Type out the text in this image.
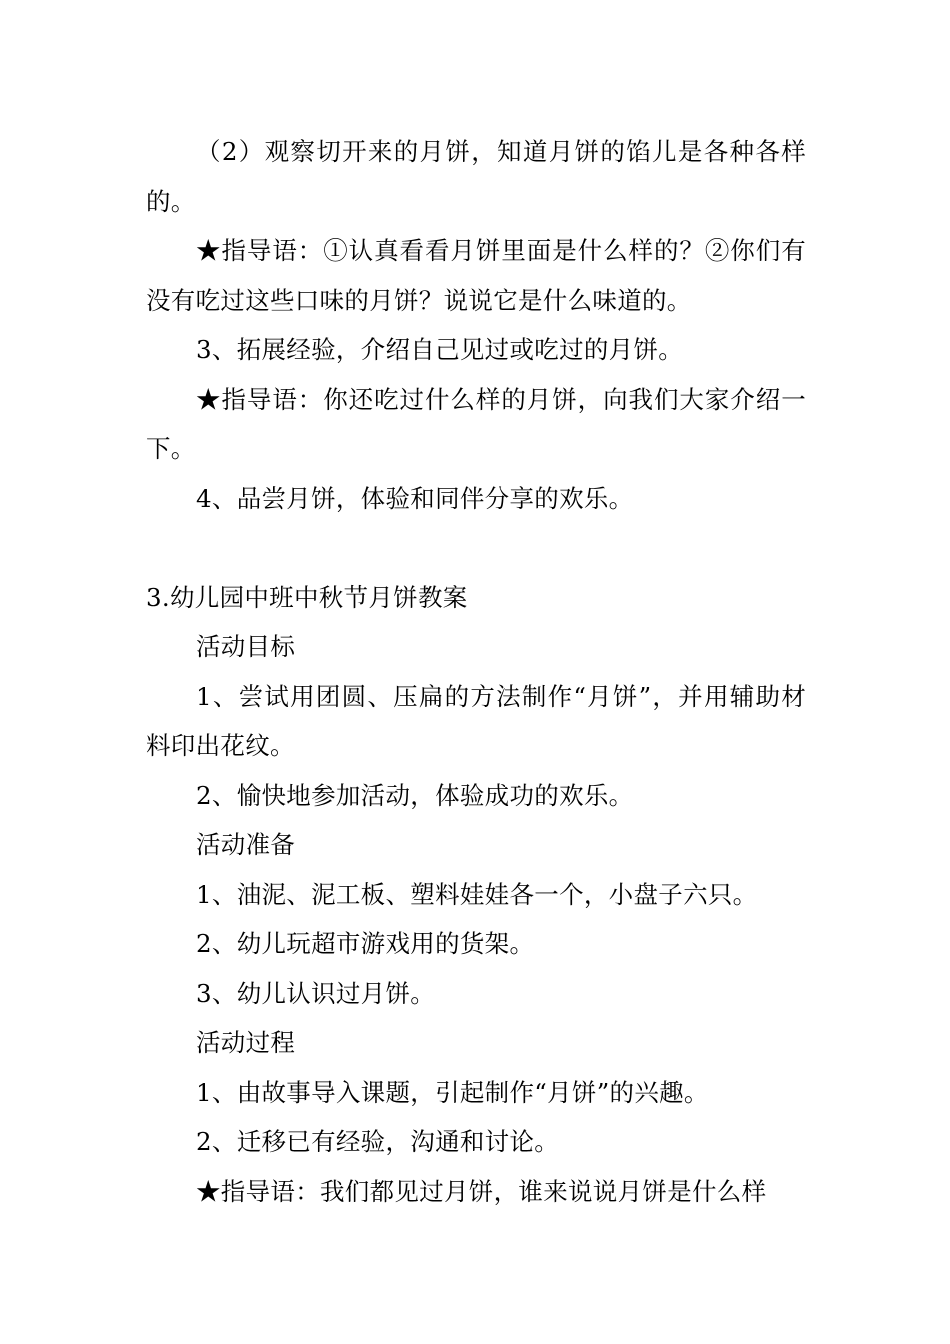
（2）观察切开来的月饼，知道月饼的馅儿是各种各样的。

★指导语：①认真看看月饼里面是什么样的？②你们有没有吃过这些口味的月饼？说说它是什么味道的。

3、拓展经验，介绍自己见过或吃过的月饼。

★指导语：你还吃过什么样的月饼，向我们大家介绍一下。

4、品尝月饼，体验和同伴分享的欢乐。

3.幼儿园中班中秋节月饼教案

活动目标

1、尝试用团圆、压扁的方法制作“月饼”，并用辅助材料印出花纹。

2、愉快地参加活动，体验成功的欢乐。

活动准备

1、油泥、泥工板、塑料娃娃各一个，小盘子六只。

2、幼儿玩超市游戏用的货架。

3、幼儿认识过月饼。

活动过程

1、由故事导入课题，引起制作“月饼”的兴趣。

2、迁移已有经验，沟通和讨论。

★指导语：我们都见过月饼，谁来说说月饼是什么样
